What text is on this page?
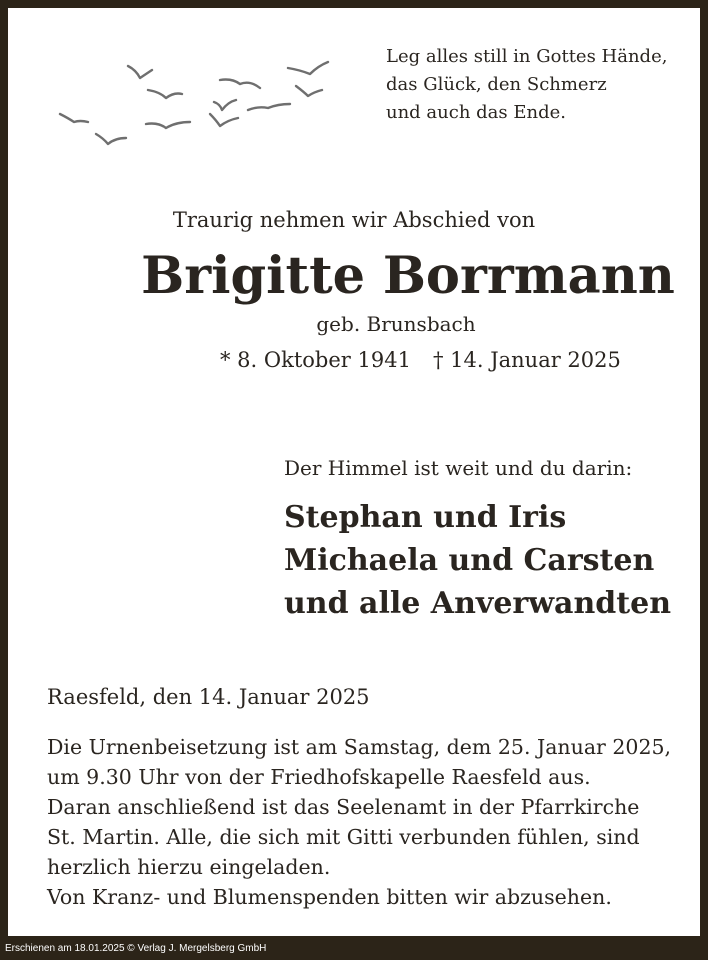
Leg alles still in Gottes Hände,
das Glück, den Schmerz
und auch das Ende.
Traurig nehmen wir Abschied von
Brigitte Borrmann
geb. Brunsbach
* 8. Oktober 1941 † 14. Januar 2025
Der Himmel ist weit und du darin:
Stephan und Iris
Michaela und Carsten
und alle Anverwandten
Raesfeld, den 14. Januar 2025
Die Urnenbeisetzung ist am Samstag, dem 25. Januar 2025,
um 9.30 Uhr von der Friedhofskapelle Raesfeld aus.
Daran anschließend ist das Seelenamt in der Pfarrkirche
St. Martin. Alle, die sich mit Gitti verbunden fühlen, sind
herzlich hierzu eingeladen.
Von Kranz- und Blumenspenden bitten wir abzusehen.
Erschienen am 18.01.2025 © Verlag J. Mergelsberg GmbH
